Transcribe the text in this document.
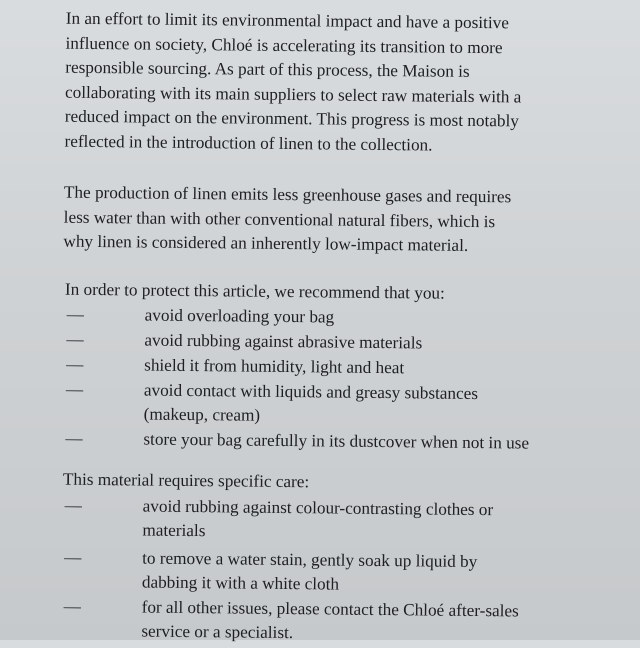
In an effort to limit its environmental impact and have a positive
influence on society, Chloé is accelerating its transition to more
responsible sourcing. As part of this process, the Maison is
collaborating with its main suppliers to select raw materials with a
reduced impact on the environment. This progress is most notably
reflected in the introduction of linen to the collection.

The production of linen emits less greenhouse gases and requires
less water than with other conventional natural fibers, which is
why linen is considered an inherently low-impact material.

In order to protect this article, we recommend that you:
—	avoid overloading your bag
—	avoid rubbing against abrasive materials
—	shield it from humidity, light and heat
—	avoid contact with liquids and greasy substances
(makeup, cream)
—	store your bag carefully in its dustcover when not in use
This material requires specific care:
—	avoid rubbing against colour-contrasting clothes or
materials
—	to remove a water stain, gently soak up liquid by
dabbing it with a white cloth
—	for all other issues, please contact the Chloé after-sales
service or a specialist.
